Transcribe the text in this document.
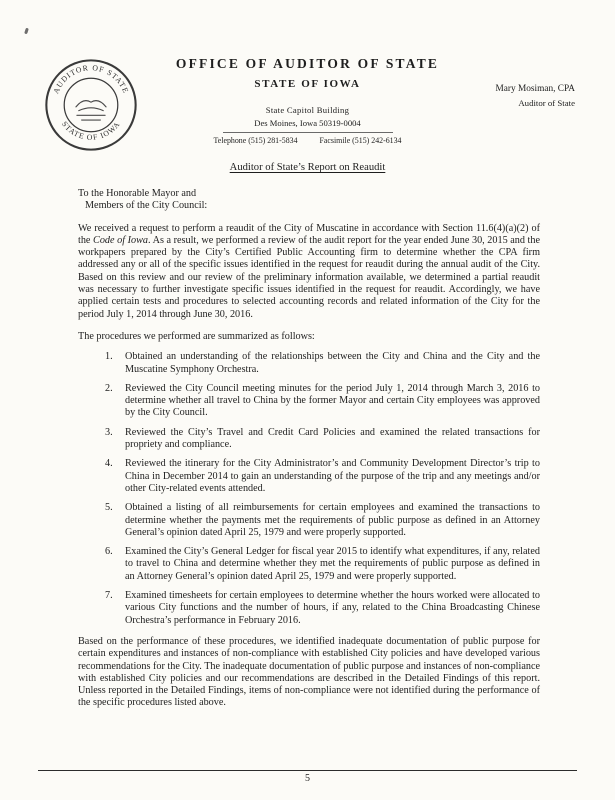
AUDITOR OF STATE
STATE OF IOWA
OFFICE OF AUDITOR OF STATE
STATE OF IOWA
State Capitol Building
Des Moines, Iowa 50319-0004
Telephone (515) 281-5834	Facsimile (515) 242-6134
Mary Mosiman, CPA
Auditor of State
Auditor of State’s Report on Reaudit
To the Honorable Mayor and
Members of the City Council:

We received a request to perform a reaudit of the City of Muscatine in accordance with Section 11.6(4)(a)(2) of the Code of Iowa. As a result, we performed a review of the audit report for the year ended June 30, 2015 and the workpapers prepared by the City’s Certified Public Accounting firm to determine whether the CPA firm addressed any or all of the specific issues identified in the request for reaudit during the annual audit of the City. Based on this review and our review of the preliminary information available, we determined a partial reaudit was necessary to further investigate specific issues identified in the request for reaudit. Accordingly, we have applied certain tests and procedures to selected accounting records and related information of the City for the period July 1, 2014 through June 30, 2016.

The procedures we performed are summarized as follows:
1.	Obtained an understanding of the relationships between the City and China and the City and the Muscatine Symphony Orchestra.
2.	Reviewed the City Council meeting minutes for the period July 1, 2014 through March 3, 2016 to determine whether all travel to China by the former Mayor and certain City employees was approved by the City Council.
3.	Reviewed the City’s Travel and Credit Card Policies and examined the related transactions for propriety and compliance.
4.	Reviewed the itinerary for the City Administrator’s and Community Development Director’s trip to China in December 2014 to gain an understanding of the purpose of the trip and any meetings and/or other City-related events attended.
5.	Obtained a listing of all reimbursements for certain employees and examined the transactions to determine whether the payments met the requirements of public purpose as defined in an Attorney General’s opinion dated April 25, 1979 and were properly supported.
6.	Examined the City’s General Ledger for fiscal year 2015 to identify what expenditures, if any, related to travel to China and determine whether they met the requirements of public purpose as defined in an Attorney General’s opinion dated April 25, 1979 and were properly supported.
7.	Examined timesheets for certain employees to determine whether the hours worked were allocated to various City functions and the number of hours, if any, related to the China Broadcasting Chinese Orchestra’s performance in February 2016.

Based on the performance of these procedures, we identified inadequate documentation of public purpose for certain expenditures and instances of non-compliance with established City policies and have developed various recommendations for the City. The inadequate documentation of public purpose and instances of non-compliance with established City policies and our recommendations are described in the Detailed Findings of this report. Unless reported in the Detailed Findings, items of non-compliance were not identified during the performance of the specific procedures listed above.

5
